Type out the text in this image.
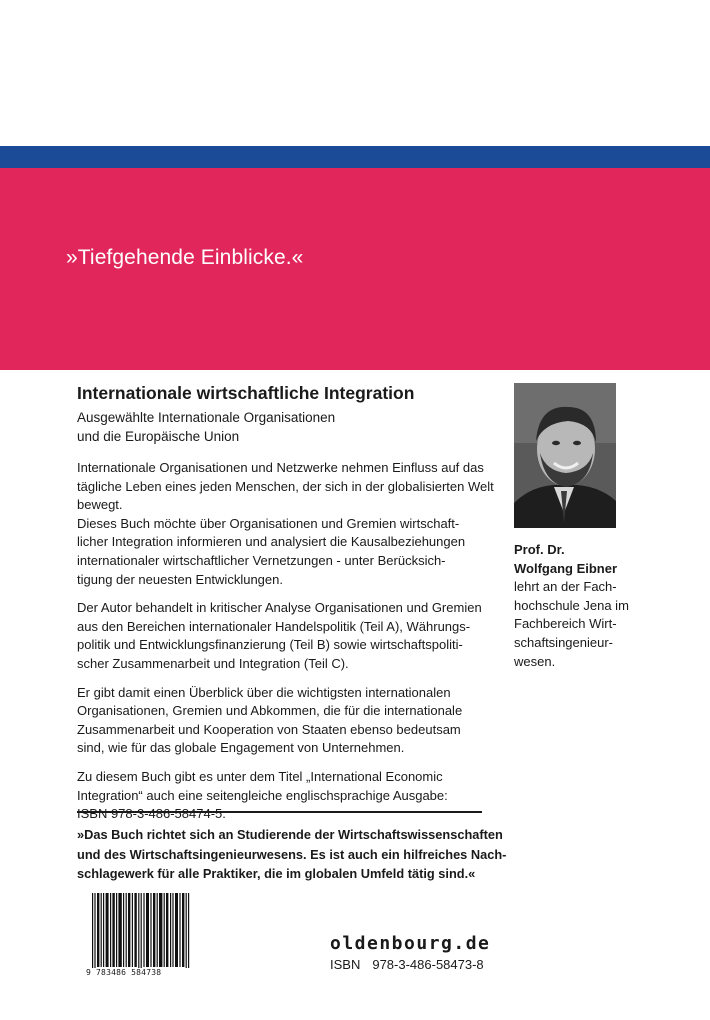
»Tiefgehende Einblicke.«

Internationale wirtschaftliche Integration
Ausgewählte Internationale Organisationen
und die Europäische Union

Internationale Organisationen und Netzwerke nehmen Einfluss auf das
tägliche Leben eines jeden Menschen, der sich in der globalisierten Welt
bewegt.
Dieses Buch möchte über Organisationen und Gremien wirtschaft-
licher Integration informieren und analysiert die Kausalbeziehungen
internationaler wirtschaftlicher Vernetzungen - unter Berücksich-
tigung der neuesten Entwicklungen.

Der Autor behandelt in kritischer Analyse Organisationen und Gremien
aus den Bereichen internationaler Handelspolitik (Teil A), Währungs-
politik und Entwicklungsfinanzierung (Teil B) sowie wirtschaftspoliti-
scher Zusammenarbeit und Integration (Teil C).

Er gibt damit einen Überblick über die wichtigsten internationalen
Organisationen, Gremien und Abkommen, die für die internationale
Zusammenarbeit und Kooperation von Staaten ebenso bedeutsam
sind, wie für das globale Engagement von Unternehmen.

Zu diesem Buch gibt es unter dem Titel „International Economic
Integration“ auch eine seitengleiche englischsprachige Ausgabe:
ISBN 978-3-486-58474-5.

»Das Buch richtet sich an Studierende der Wirtschaftswissenschaften
und des Wirtschaftsingenieurwesens. Es ist auch ein hilfreiches Nach-
schlagewerk für alle Praktiker, die im globalen Umfeld tätig sind.«
Prof. Dr.
Wolfgang Eibner
lehrt an der Fach-
hochschule Jena im
Fachbereich Wirt-
schaftsingenieur-
wesen.
9 783486 584738

oldenbourg.de

ISBN 978-3-486-58473-8
